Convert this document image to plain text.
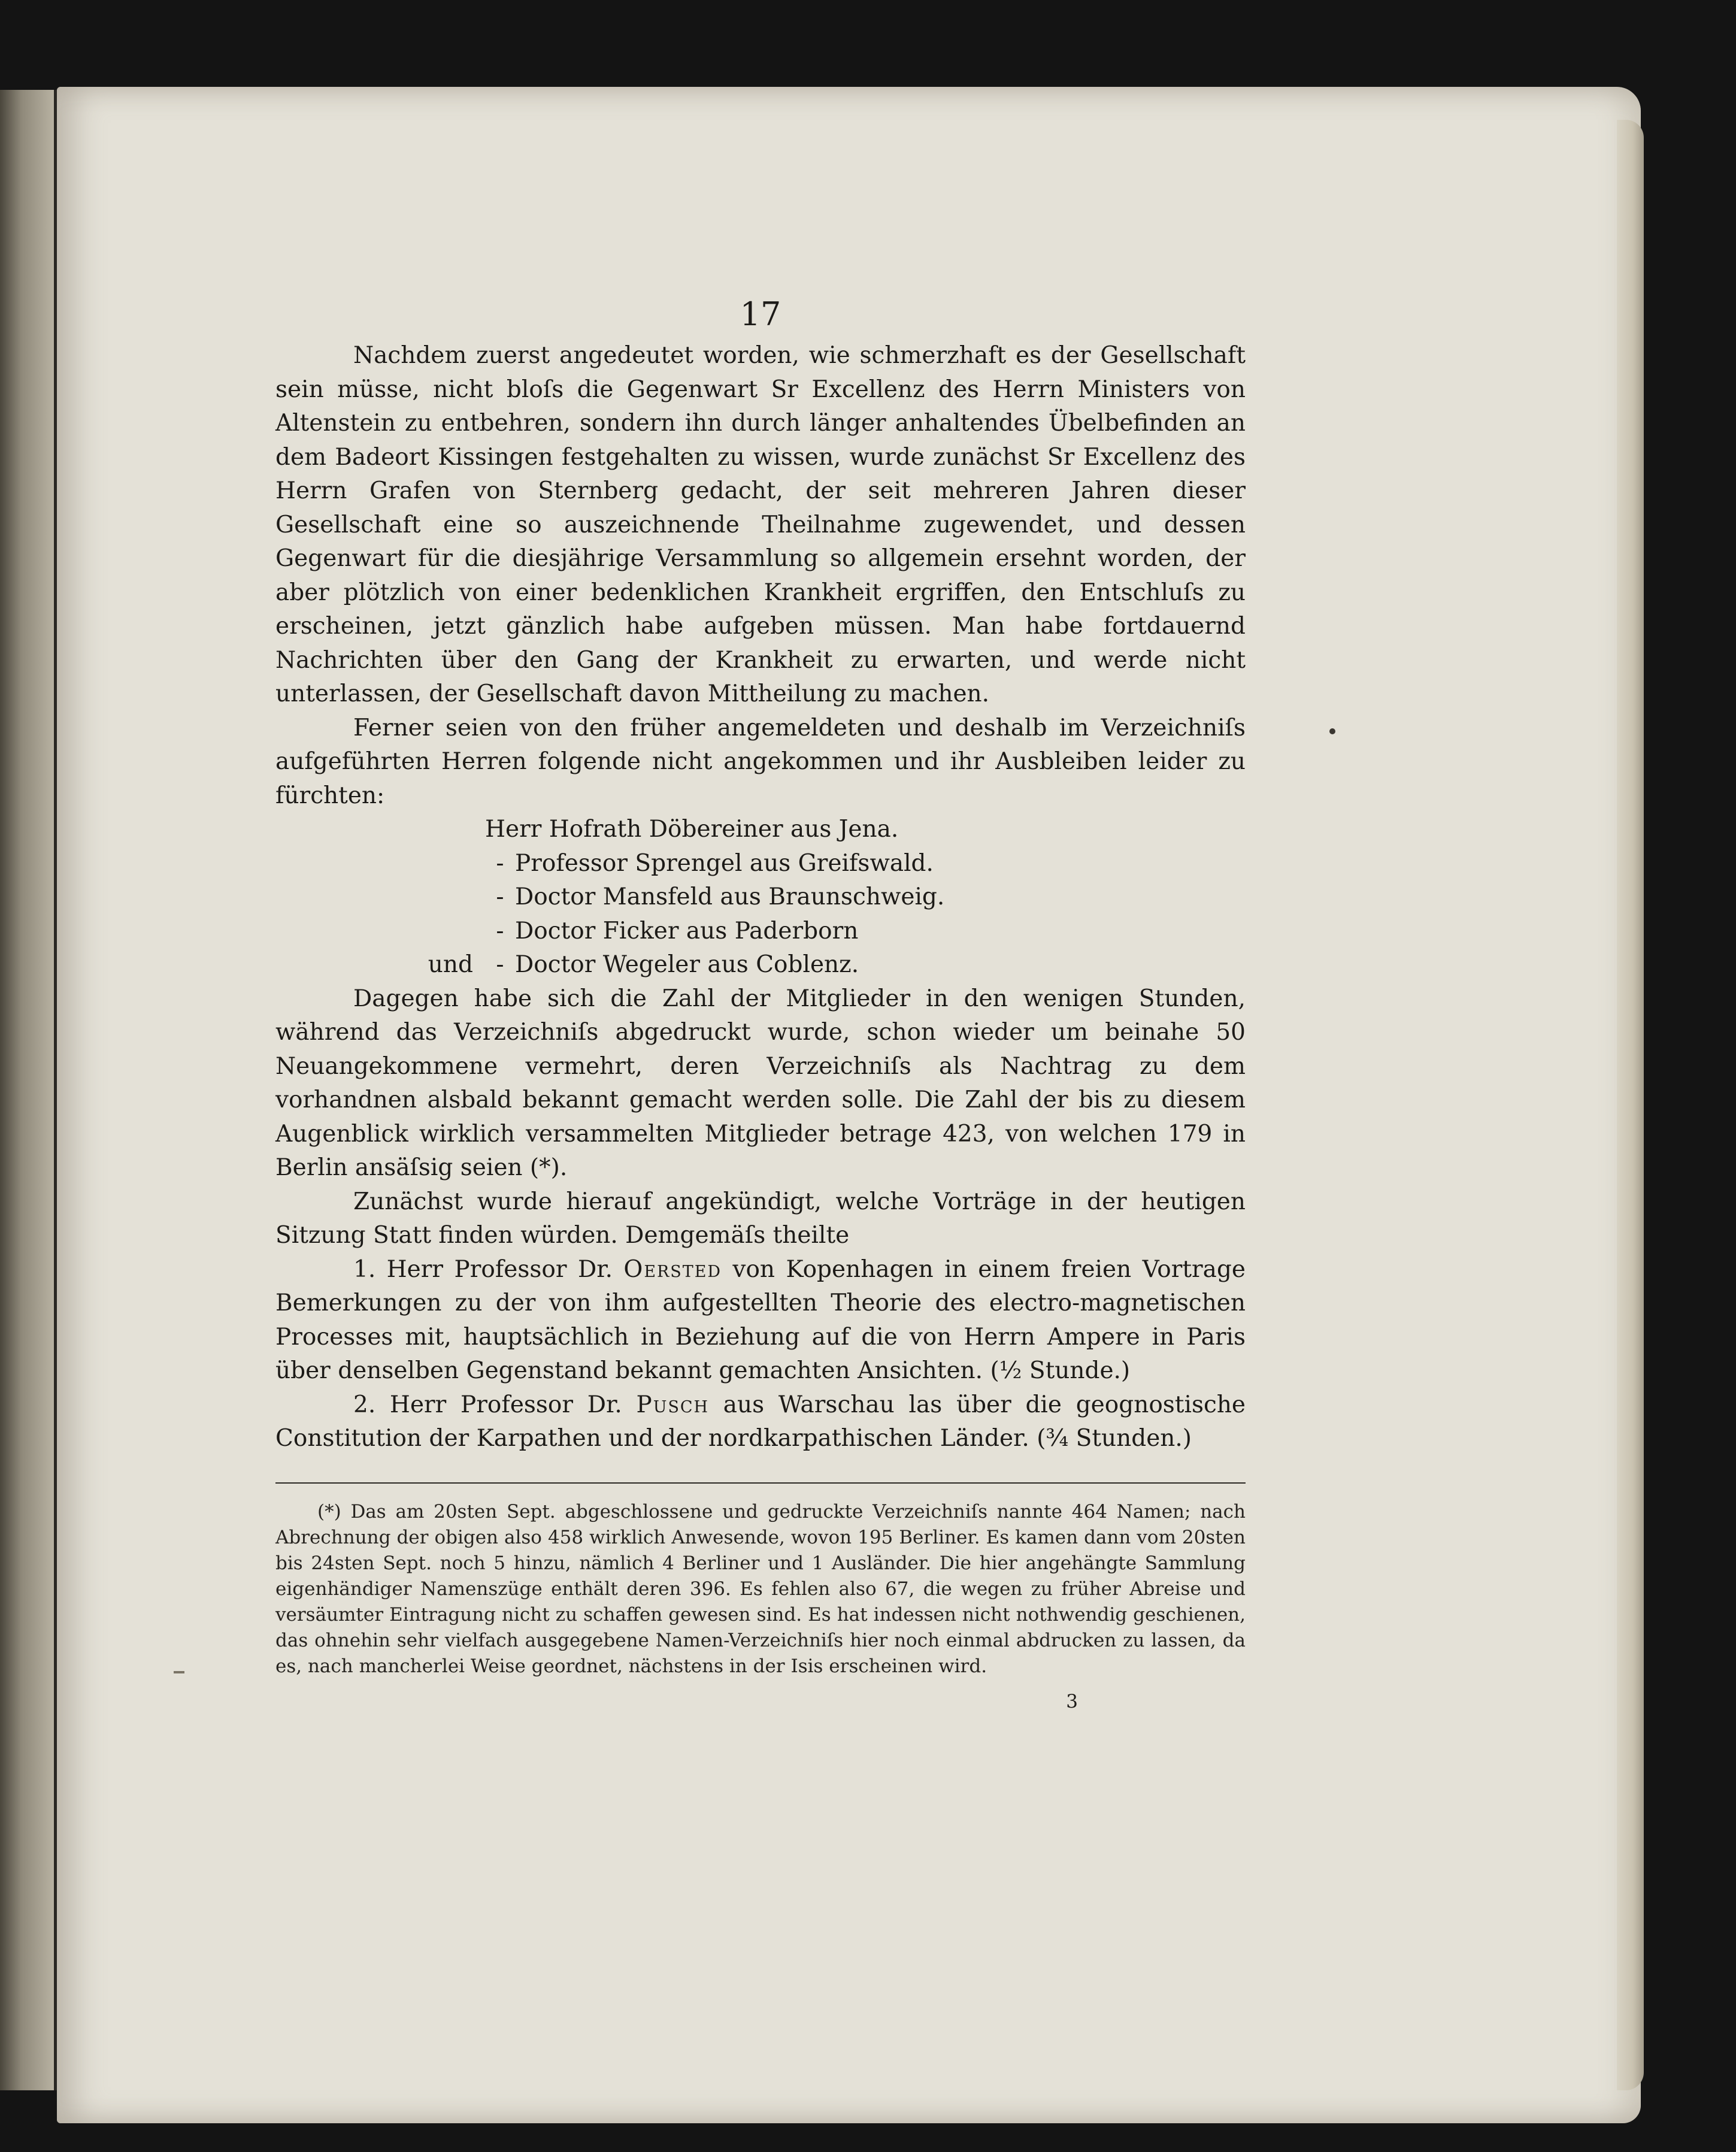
17

Nachdem zuerst angedeutet worden, wie schmerzhaft es der Gesellschaft sein müsse, nicht bloſs die Gegenwart Sr Excellenz des Herrn Ministers von Altenstein zu entbehren, sondern ihn durch länger anhaltendes Übelbefinden an dem Badeort Kissingen festgehalten zu wissen, wurde zunächst Sr Excellenz des Herrn Grafen von Sternberg gedacht, der seit mehreren Jahren dieser Gesellschaft eine so auszeichnende Theilnahme zugewendet, und dessen Gegenwart für die diesjährige Versammlung so allgemein ersehnt worden, der aber plötzlich von einer bedenklichen Krankheit ergriffen, den Entschluſs zu erscheinen, jetzt gänzlich habe aufgeben müssen. Man habe fortdauernd Nachrichten über den Gang der Krankheit zu erwarten, und werde nicht unterlassen, der Gesellschaft davon Mittheilung zu machen.

Ferner seien von den früher angemeldeten und deshalb im Verzeichniſs aufgeführten Herren folgende nicht angekommen und ihr Ausbleiben leider zu fürchten:

Herr Hofrath Döbereiner aus Jena.
- Professor Sprengel aus Greifswald.
- Doctor Mansfeld aus Braunschweig.
- Doctor Ficker aus Paderborn
und - Doctor Wegeler aus Coblenz.

Dagegen habe sich die Zahl der Mitglieder in den wenigen Stunden, während das Verzeichniſs abgedruckt wurde, schon wieder um beinahe 50 Neuangekommene vermehrt, deren Verzeichniſs als Nachtrag zu dem vorhandnen alsbald bekannt gemacht werden solle. Die Zahl der bis zu diesem Augenblick wirklich versammelten Mitglieder betrage 423, von welchen 179 in Berlin ansäſsig seien (*).

Zunächst wurde hierauf angekündigt, welche Vorträge in der heutigen Sitzung Statt finden würden. Demgemäſs theilte

1. Herr Professor Dr. Oersted von Kopenhagen in einem freien Vortrage Bemerkungen zu der von ihm aufgestellten Theorie des electro-magnetischen Processes mit, hauptsächlich in Beziehung auf die von Herrn Ampere in Paris über denselben Gegenstand bekannt gemachten Ansichten. (½ Stunde.)

2. Herr Professor Dr. Pusch aus Warschau las über die geognostische Constitution der Karpathen und der nordkarpathischen Länder. (¾ Stunden.)

(*) Das am 20sten Sept. abgeschlossene und gedruckte Verzeichniſs nannte 464 Namen; nach Abrechnung der obigen also 458 wirklich Anwesende, wovon 195 Berliner. Es kamen dann vom 20sten bis 24sten Sept. noch 5 hinzu, nämlich 4 Berliner und 1 Ausländer. Die hier angehängte Sammlung eigenhändiger Namenszüge enthält deren 396. Es fehlen also 67, die wegen zu früher Abreise und versäumter Eintragung nicht zu schaffen gewesen sind. Es hat indessen nicht nothwendig geschienen, das ohnehin sehr vielfach ausgegebene Namen-Verzeichniſs hier noch einmal abdrucken zu lassen, da es, nach mancherlei Weise geordnet, nächstens in der Isis erscheinen wird.

3
